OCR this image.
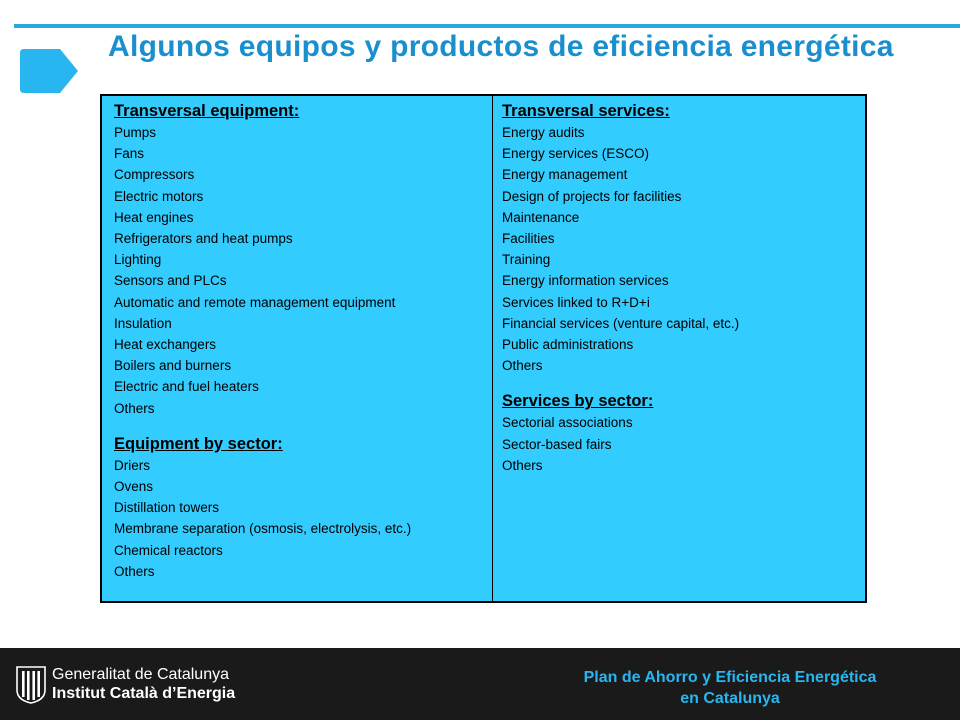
Algunos equipos y productos de eficiencia energética

Transversal equipment:

Pumps
Fans
Compressors
Electric motors
Heat engines
Refrigerators and heat pumps
Lighting
Sensors and PLCs
Automatic and remote management equipment
Insulation
Heat exchangers
Boilers and burners
Electric and fuel heaters
Others

Equipment by sector:

Driers
Ovens
Distillation towers
Membrane separation (osmosis, electrolysis, etc.)
Chemical reactors
Others

Transversal services:

Energy audits
Energy services (ESCO)
Energy management
Design of projects for facilities
Maintenance
Facilities
Training
Energy information services
Services linked to R+D+i
Financial services (venture capital, etc.)
Public administrations
Others

Services by sector:

Sectorial associations
Sector-based fairs
Others
Generalitat de Catalunya
Institut Català d’Energia
Plan de Ahorro y Eficiencia Energética
en Catalunya
